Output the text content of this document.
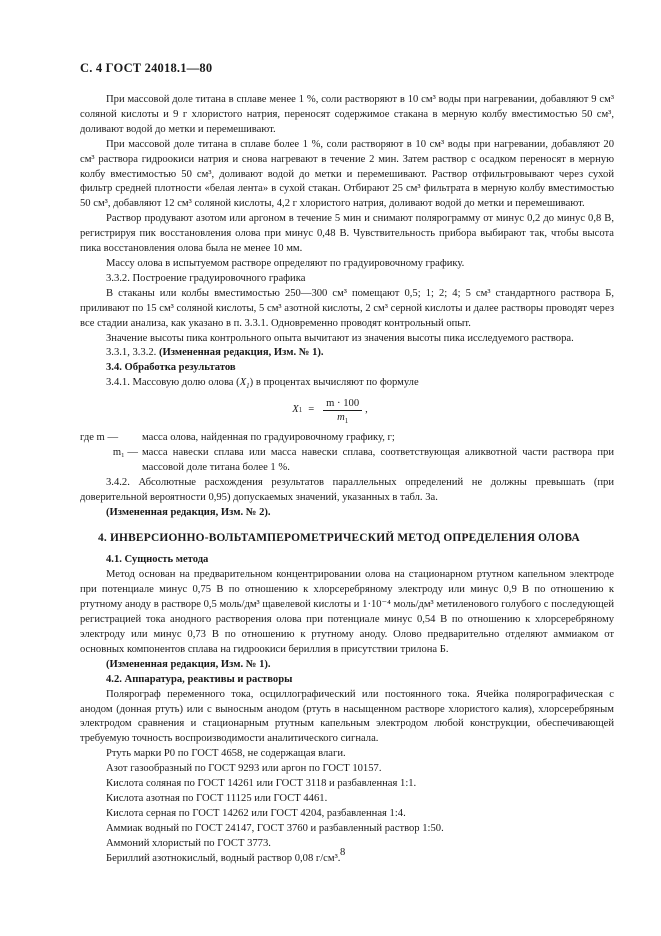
С. 4 ГОСТ 24018.1—80

При массовой доле титана в сплаве менее 1 %, соли растворяют в 10 см³ воды при нагревании, добавляют 9 см³ соляной кислоты и 9 г хлористого натрия, переносят содержимое стакана в мерную колбу вместимостью 50 см³, доливают водой до метки и перемешивают.

При массовой доле титана в сплаве более 1 %, соли растворяют в 10 см³ воды при нагревании, добавляют 20 см³ раствора гидроокиси натрия и снова нагревают в течение 2 мин. Затем раствор с осадком переносят в мерную колбу вместимостью 50 см³, доливают водой до метки и перемешивают. Раствор отфильтровывают через сухой фильтр средней плотности «белая лента» в сухой стакан. Отбирают 25 см³ фильтрата в мерную колбу вместимостью 50 см³, добавляют 12 см³ соляной кислоты, 4,2 г хлористого натрия, доливают водой до метки и перемешивают.

Раствор продувают азотом или аргоном в течение 5 мин и снимают полярограмму от минус 0,2 до минус 0,8 В, регистрируя пик восстановления олова при минус 0,48 В. Чувствительность прибора выбирают так, чтобы высота пика восстановления олова была не менее 10 мм.

Массу олова в испытуемом растворе определяют по градуировочному графику.

3.3.2. Построение градуировочного графика

В стаканы или колбы вместимостью 250—300 см³ помещают 0,5; 1; 2; 4; 5 см³ стандартного раствора Б, приливают по 15 см³ соляной кислоты, 5 см³ азотной кислоты, 2 см³ серной кислоты и далее растворы проводят через все стадии анализа, как указано в п. 3.3.1. Одновременно проводят контрольный опыт.

Значение высоты пика контрольного опыта вычитают из значения высоты пика исследуемого раствора.

3.3.1, 3.3.2. (Измененная редакция, Изм. № 1).

3.4. Обработка результатов

3.4.1. Массовую долю олова $(X_1)$ в процентах вычисляют по формуле

X $1 = \frac{m \cdot 100}{m_1}$ ,
где m —	масса олова, найденная по градуировочному графику, г;
m₁ — масса навески сплава или масса навески сплава, соответствующая аликвотной части раствора при массовой доле титана более 1 %.

3.4.2. Абсолютные расхождения результатов параллельных определений не должны превышать (при доверительной вероятности 0,95) допускаемых значений, указанных в табл. 3а.

(Измененная редакция, Изм. № 2).

4. ИНВЕРСИОННО-ВОЛЬТАМПЕРОМЕТРИЧЕСКИЙ МЕТОД ОПРЕДЕЛЕНИЯ ОЛОВА

4.1. Сущность метода

Метод основан на предварительном концентрировании олова на стационарном ртутном капельном электроде при потенциале минус 0,75 В по отношению к хлорсеребряному электроду или минус 0,9 В по отношению к ртутному аноду в растворе 0,5 моль/дм³ щавелевой кислоты и 1·10⁻⁴ моль/дм³ метиленового голубого с последующей регистрацией тока анодного растворения олова при потенциале минус 0,54 В по отношению к хлорсеребряному электроду или минус 0,73 В по отношению к ртутному аноду. Олово предварительно отделяют аммиаком от основных компонентов сплава на гидроокиси бериллия в присутствии трилона Б.

(Измененная редакция, Изм. № 1).

4.2. Аппаратура, реактивы и растворы

Полярограф переменного тока, осциллографический или постоянного тока. Ячейка полярографическая с анодом (донная ртуть) или с выносным анодом (ртуть в насыщенном растворе хлористого калия), хлорсеребряным электродом сравнения и стационарным ртутным капельным электродом любой конструкции, обеспечивающей требуемую точность воспроизводимости аналитического сигнала.

Ртуть марки Р0 по ГОСТ 4658, не содержащая влаги.

Азот газообразный по ГОСТ 9293 или аргон по ГОСТ 10157.

Кислота соляная по ГОСТ 14261 или ГОСТ 3118 и разбавленная 1:1.

Кислота азотная по ГОСТ 11125 или ГОСТ 4461.

Кислота серная по ГОСТ 14262 или ГОСТ 4204, разбавленная 1:4.

Аммиак водный по ГОСТ 24147, ГОСТ 3760 и разбавленный раствор 1:50.

Аммоний хлористый по ГОСТ 3773.

Бериллий азотнокислый, водный раствор 0,08 г/см³.

8
